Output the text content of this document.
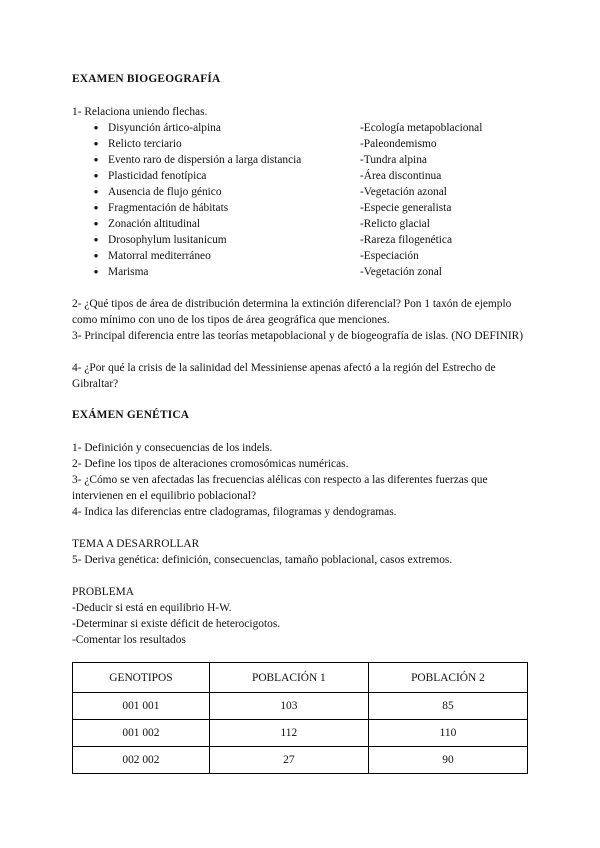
EXAMEN BIOGEOGRAFÍA
1- Relaciona uniendo flechas.
●
Disyunción ártico-alpina	-Ecología metapoblacional
●
Relicto terciario	-Paleondemismo
●
Evento raro de dispersión a larga distancia	-Tundra alpina
●
Plasticidad fenotípica	-Área discontinua
●
Ausencia de flujo génico	-Vegetación azonal
●
Fragmentación de hábitats	-Especie generalista
●
Zonación altitudinal	-Relicto glacial
●
Drosophylum lusitanicum	-Rareza filogenética
●
Matorral mediterráneo	-Especiación
●
Marisma	-Vegetación zonal
2- ¿Qué tipos de área de distribución determina la extinción diferencial? Pon 1 taxón de ejemplo como mínimo con uno de los tipos de área geográfica que menciones.
3- Principal diferencia entre las teorías metapoblacional y de biogeografía de islas. (NO DEFINIR)
4- ¿Por qué la crisis de la salinidad del Messiniense apenas afectó a la región del Estrecho de Gibraltar?
EXÁMEN GENÉTICA
1- Definición y consecuencias de los indels.
2- Define los tipos de alteraciones cromosómicas numéricas.
3- ¿Cómo se ven afectadas las frecuencias alélicas con respecto a las diferentes fuerzas que intervienen en el equilibrio poblacional?
4- Indica las diferencias entre cladogramas, filogramas y dendogramas.
TEMA A DESARROLLAR
5- Deriva genética: definición, consecuencias, tamaño poblacional, casos extremos.
PROBLEMA
-Deducir si está en equilibrio H-W.
-Determinar si existe déficit de heterocigotos.
-Comentar los resultados
GENOTIPOS	POBLACIÓN 1	POBLACIÓN 2
001 001	103	85
001 002	112	110
002 002	27	90
